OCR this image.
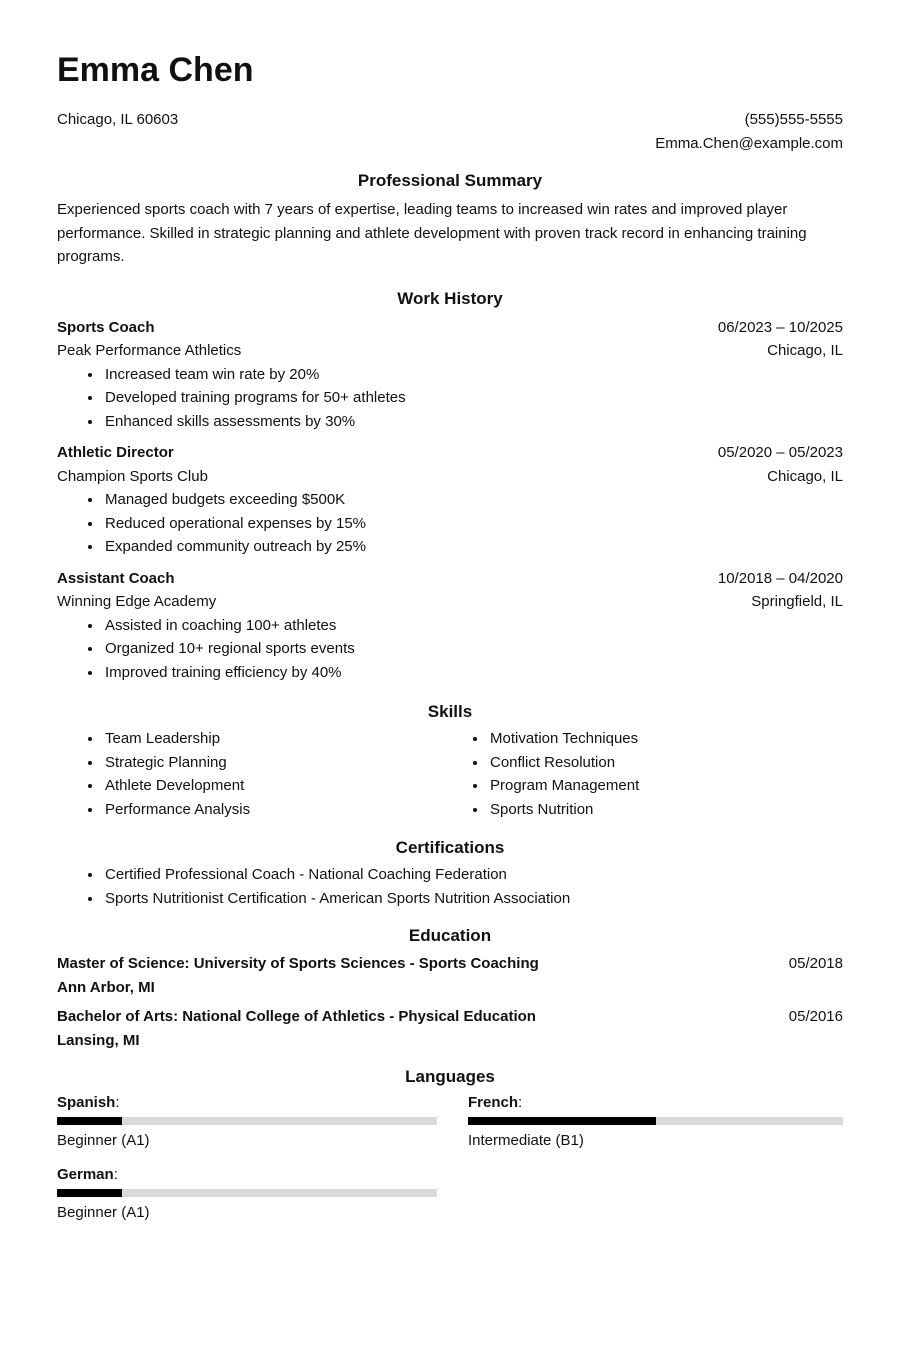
Emma Chen
Chicago, IL 60603	(555)555-5555
Emma.Chen@example.com
Professional Summary

Experienced sports coach with 7 years of expertise, leading teams to increased win rates and improved player performance. Skilled in strategic planning and athlete development with proven track record in enhancing training programs.

Work History
Sports Coach	06/2023 – 10/2025
Peak Performance Athletics	Chicago, IL
• Increased team win rate by 20%
• Developed training programs for 50+ athletes
• Enhanced skills assessments by 30%
Athletic Director	05/2020 – 05/2023
Champion Sports Club	Chicago, IL
• Managed budgets exceeding $500K
• Reduced operational expenses by 15%
• Expanded community outreach by 25%
Assistant Coach	10/2018 – 04/2020
Winning Edge Academy	Springfield, IL
• Assisted in coaching 100+ athletes
• Organized 10+ regional sports events
• Improved training efficiency by 40%
Skills
• Team Leadership
• Strategic Planning
• Athlete Development
• Performance Analysis
• Motivation Techniques
• Conflict Resolution
• Program Management
• Sports Nutrition
Certifications
• Certified Professional Coach - National Coaching Federation
• Sports Nutritionist Certification - American Sports Nutrition Association
Education
Master of Science: University of Sports Sciences - Sports Coaching	05/2018
Ann Arbor, MI
Bachelor of Arts: National College of Athletics - Physical Education	05/2016
Lansing, MI
Languages
Spanish:
Beginner (A1)
French:
Intermediate (B1)
German:
Beginner (A1)
